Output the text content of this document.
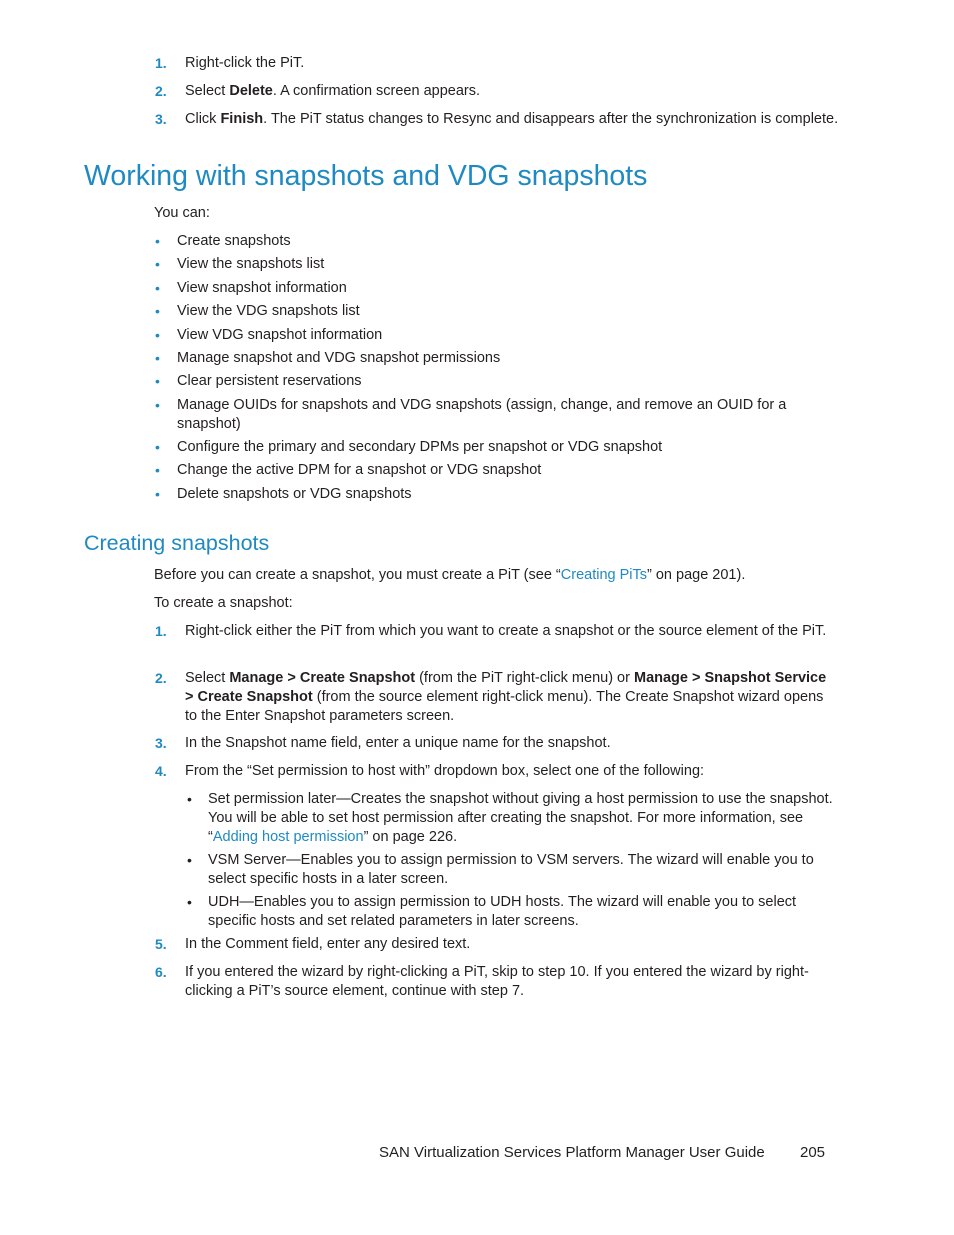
1. Right-click the PiT.
2. Select Delete. A confirmation screen appears.
3. Click Finish. The PiT status changes to Resync and disappears after the synchronization is complete.
Working with snapshots and VDG snapshots
You can:
• Create snapshots
• View the snapshots list
• View snapshot information
• View the VDG snapshots list
• View VDG snapshot information
• Manage snapshot and VDG snapshot permissions
• Clear persistent reservations
• Manage OUIDs for snapshots and VDG snapshots (assign, change, and remove an OUID for a snapshot)
• Configure the primary and secondary DPMs per snapshot or VDG snapshot
• Change the active DPM for a snapshot or VDG snapshot
• Delete snapshots or VDG snapshots
Creating snapshots
Before you can create a snapshot, you must create a PiT (see “Creating PiTs” on page 201).
To create a snapshot:
1. Right-click either the PiT from which you want to create a snapshot or the source element of the PiT.
2. Select Manage > Create Snapshot (from the PiT right-click menu) or Manage > Snapshot Service > Create Snapshot (from the source element right-click menu). The Create Snapshot wizard opens to the Enter Snapshot parameters screen.
3. In the Snapshot name field, enter a unique name for the snapshot.
4. From the “Set permission to host with” dropdown box, select one of the following:
• Set permission later—Creates the snapshot without giving a host permission to use the snapshot. You will be able to set host permission after creating the snapshot. For more information, see “Adding host permission” on page 226.
• VSM Server—Enables you to assign permission to VSM servers. The wizard will enable you to select specific hosts in a later screen.
• UDH—Enables you to assign permission to UDH hosts. The wizard will enable you to select specific hosts and set related parameters in later screens.
5. In the Comment field, enter any desired text.
6. If you entered the wizard by right-clicking a PiT, skip to step 10. If you entered the wizard by right-clicking a PiT’s source element, continue with step 7.
SAN Virtualization Services Platform Manager User Guide 205
